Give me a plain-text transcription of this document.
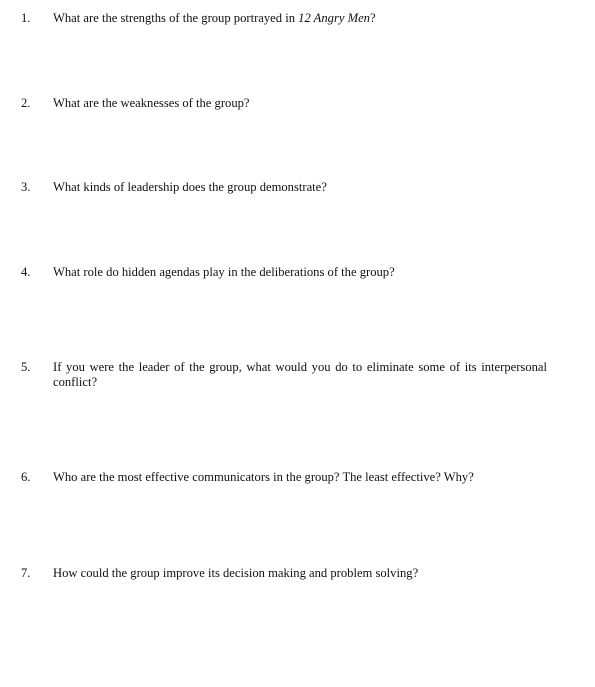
1. What are the strengths of the group portrayed in 12 Angry Men?
2. What are the weaknesses of the group?
3. What kinds of leadership does the group demonstrate?
4. What role do hidden agendas play in the deliberations of the group?
5. If you were the leader of the group, what would you do to eliminate some of its interpersonal conflict?
6. Who are the most effective communicators in the group? The least effective? Why?
7. How could the group improve its decision making and problem solving?
